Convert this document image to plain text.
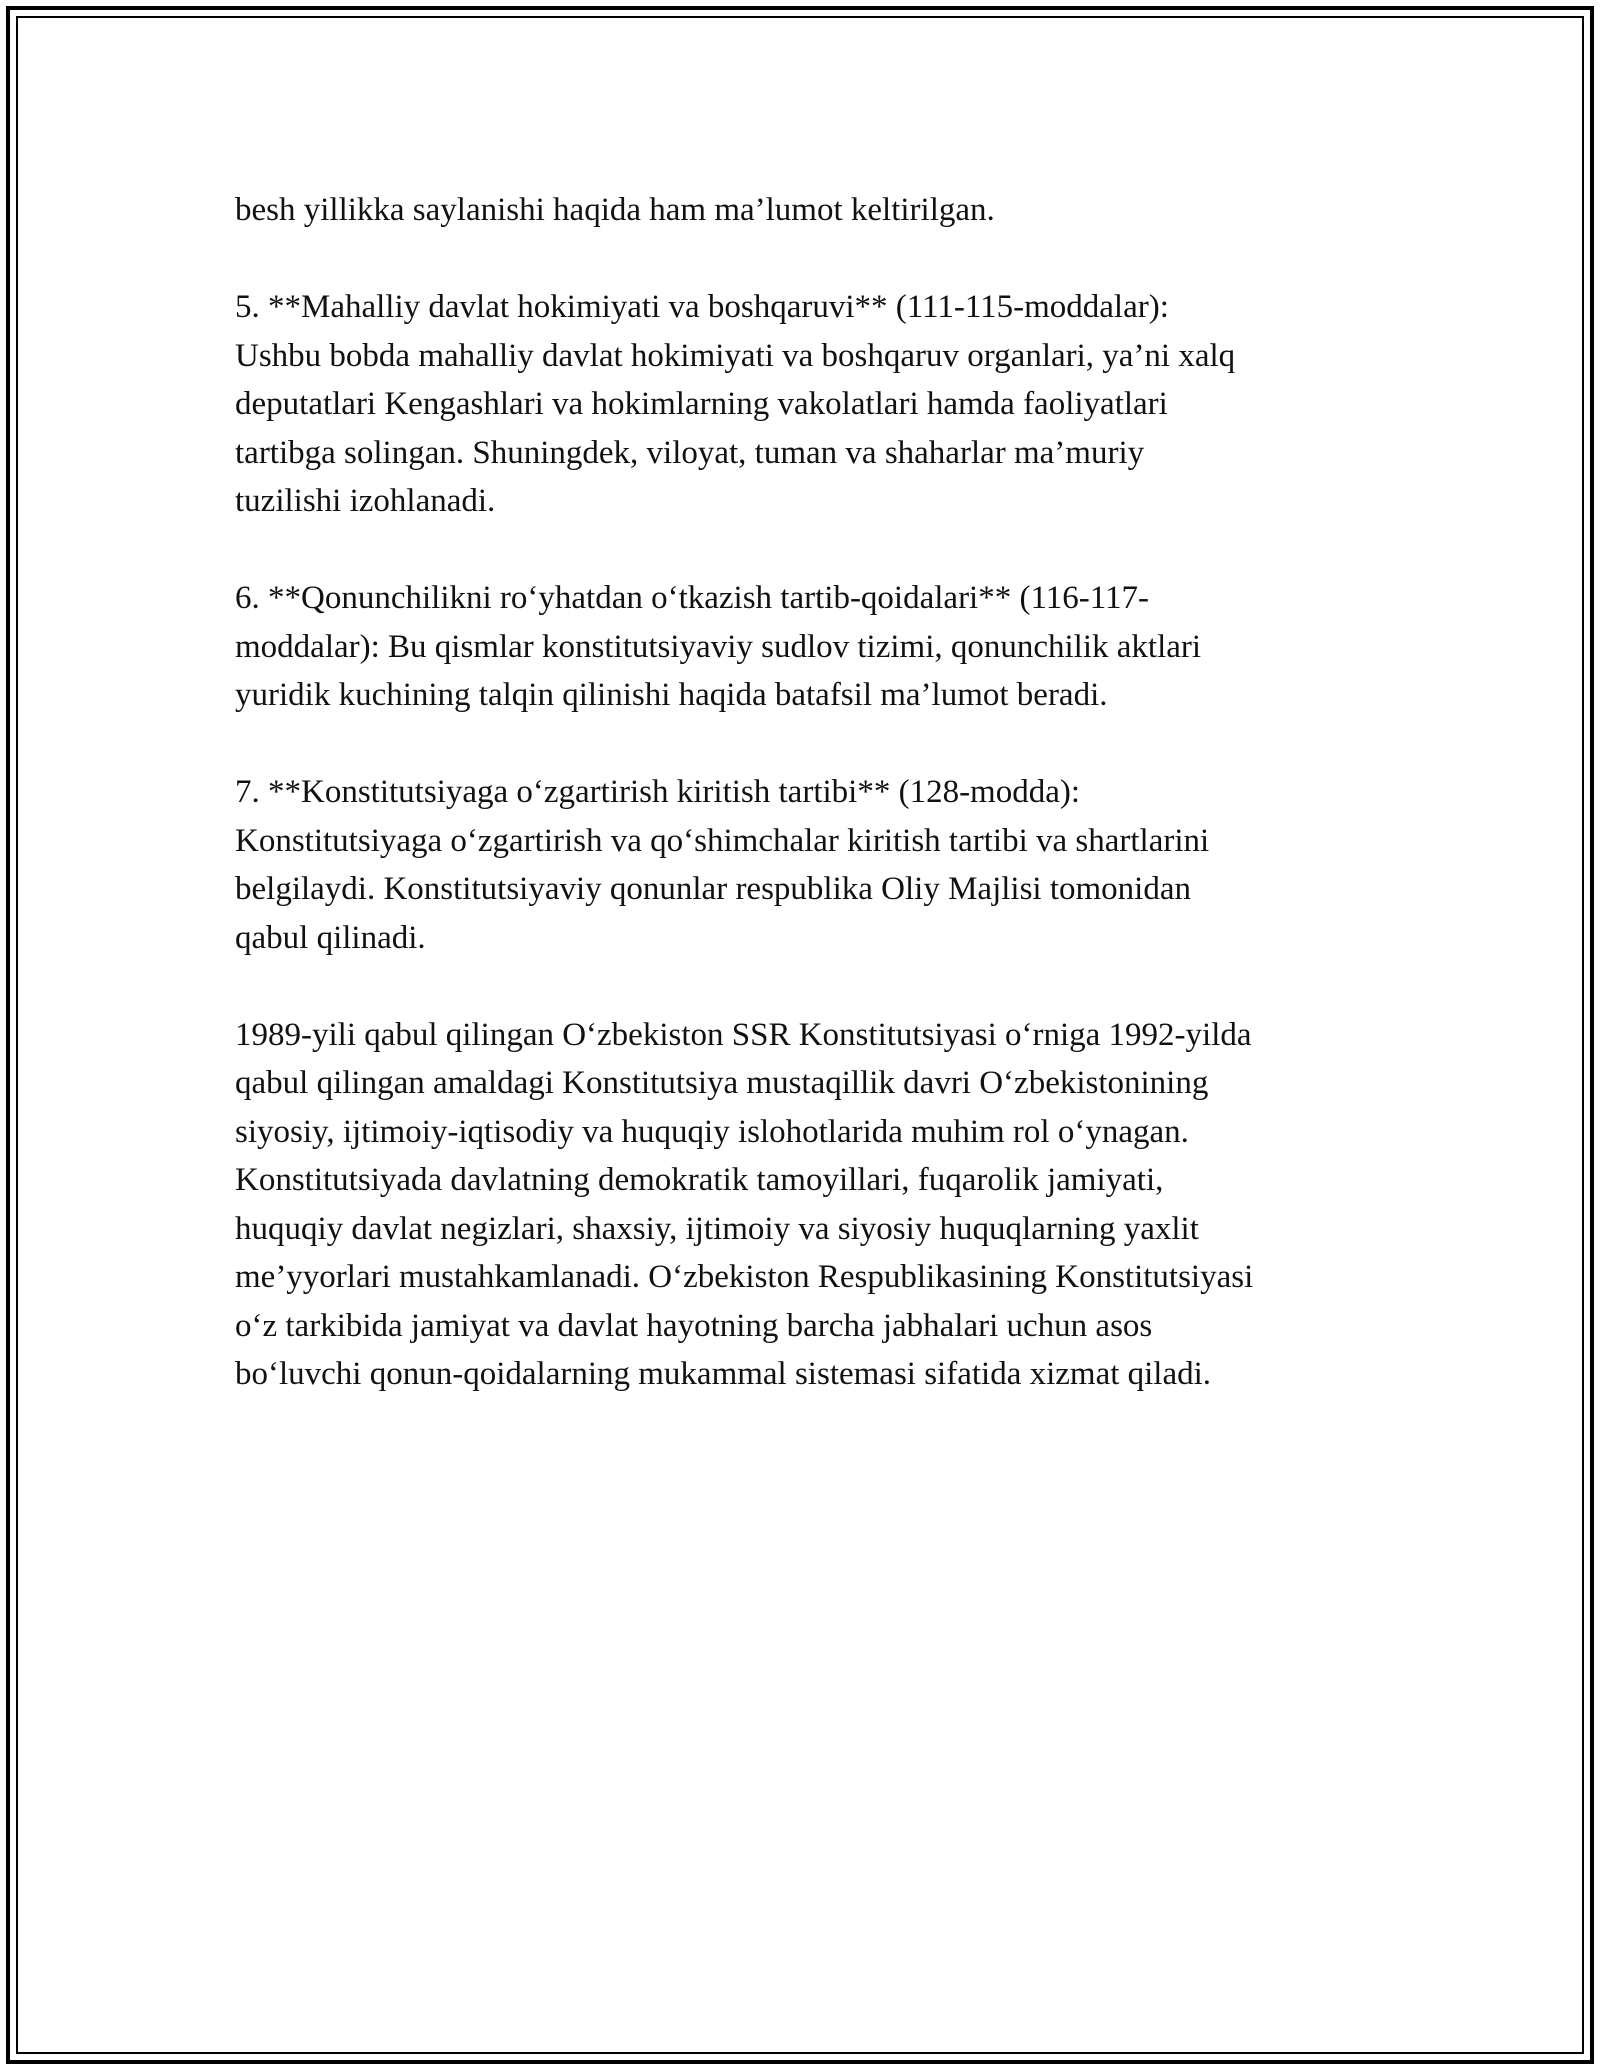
besh yillikka saylanishi haqida ham ma’lumot keltirilgan.

5. **Mahalliy davlat hokimiyati va boshqaruvi** (111-115-moddalar):
Ushbu bobda mahalliy davlat hokimiyati va boshqaruv organlari, ya’ni xalq
deputatlari Kengashlari va hokimlarning vakolatlari hamda faoliyatlari
tartibga solingan. Shuningdek, viloyat, tuman va shaharlar ma’muriy
tuzilishi izohlanadi.

6. **Qonunchilikni ro‘yhatdan o‘tkazish tartib-qoidalari** (116-117-
moddalar): Bu qismlar konstitutsiyaviy sudlov tizimi, qonunchilik aktlari
yuridik kuchining talqin qilinishi haqida batafsil ma’lumot beradi.

7. **Konstitutsiyaga o‘zgartirish kiritish tartibi** (128-modda):
Konstitutsiyaga o‘zgartirish va qo‘shimchalar kiritish tartibi va shartlarini
belgilaydi. Konstitutsiyaviy qonunlar respublika Oliy Majlisi tomonidan
qabul qilinadi.

1989-yili qabul qilingan O‘zbekiston SSR Konstitutsiyasi o‘rniga 1992-yilda
qabul qilingan amaldagi Konstitutsiya mustaqillik davri O‘zbekistonining
siyosiy, ijtimoiy-iqtisodiy va huquqiy islohotlarida muhim rol o‘ynagan.
Konstitutsiyada davlatning demokratik tamoyillari, fuqarolik jamiyati,
huquqiy davlat negizlari, shaxsiy, ijtimoiy va siyosiy huquqlarning yaxlit
me’yyorlari mustahkamlanadi. O‘zbekiston Respublikasining Konstitutsiyasi
o‘z tarkibida jamiyat va davlat hayotning barcha jabhalari uchun asos
bo‘luvchi qonun-qoidalarning mukammal sistemasi sifatida xizmat qiladi.
